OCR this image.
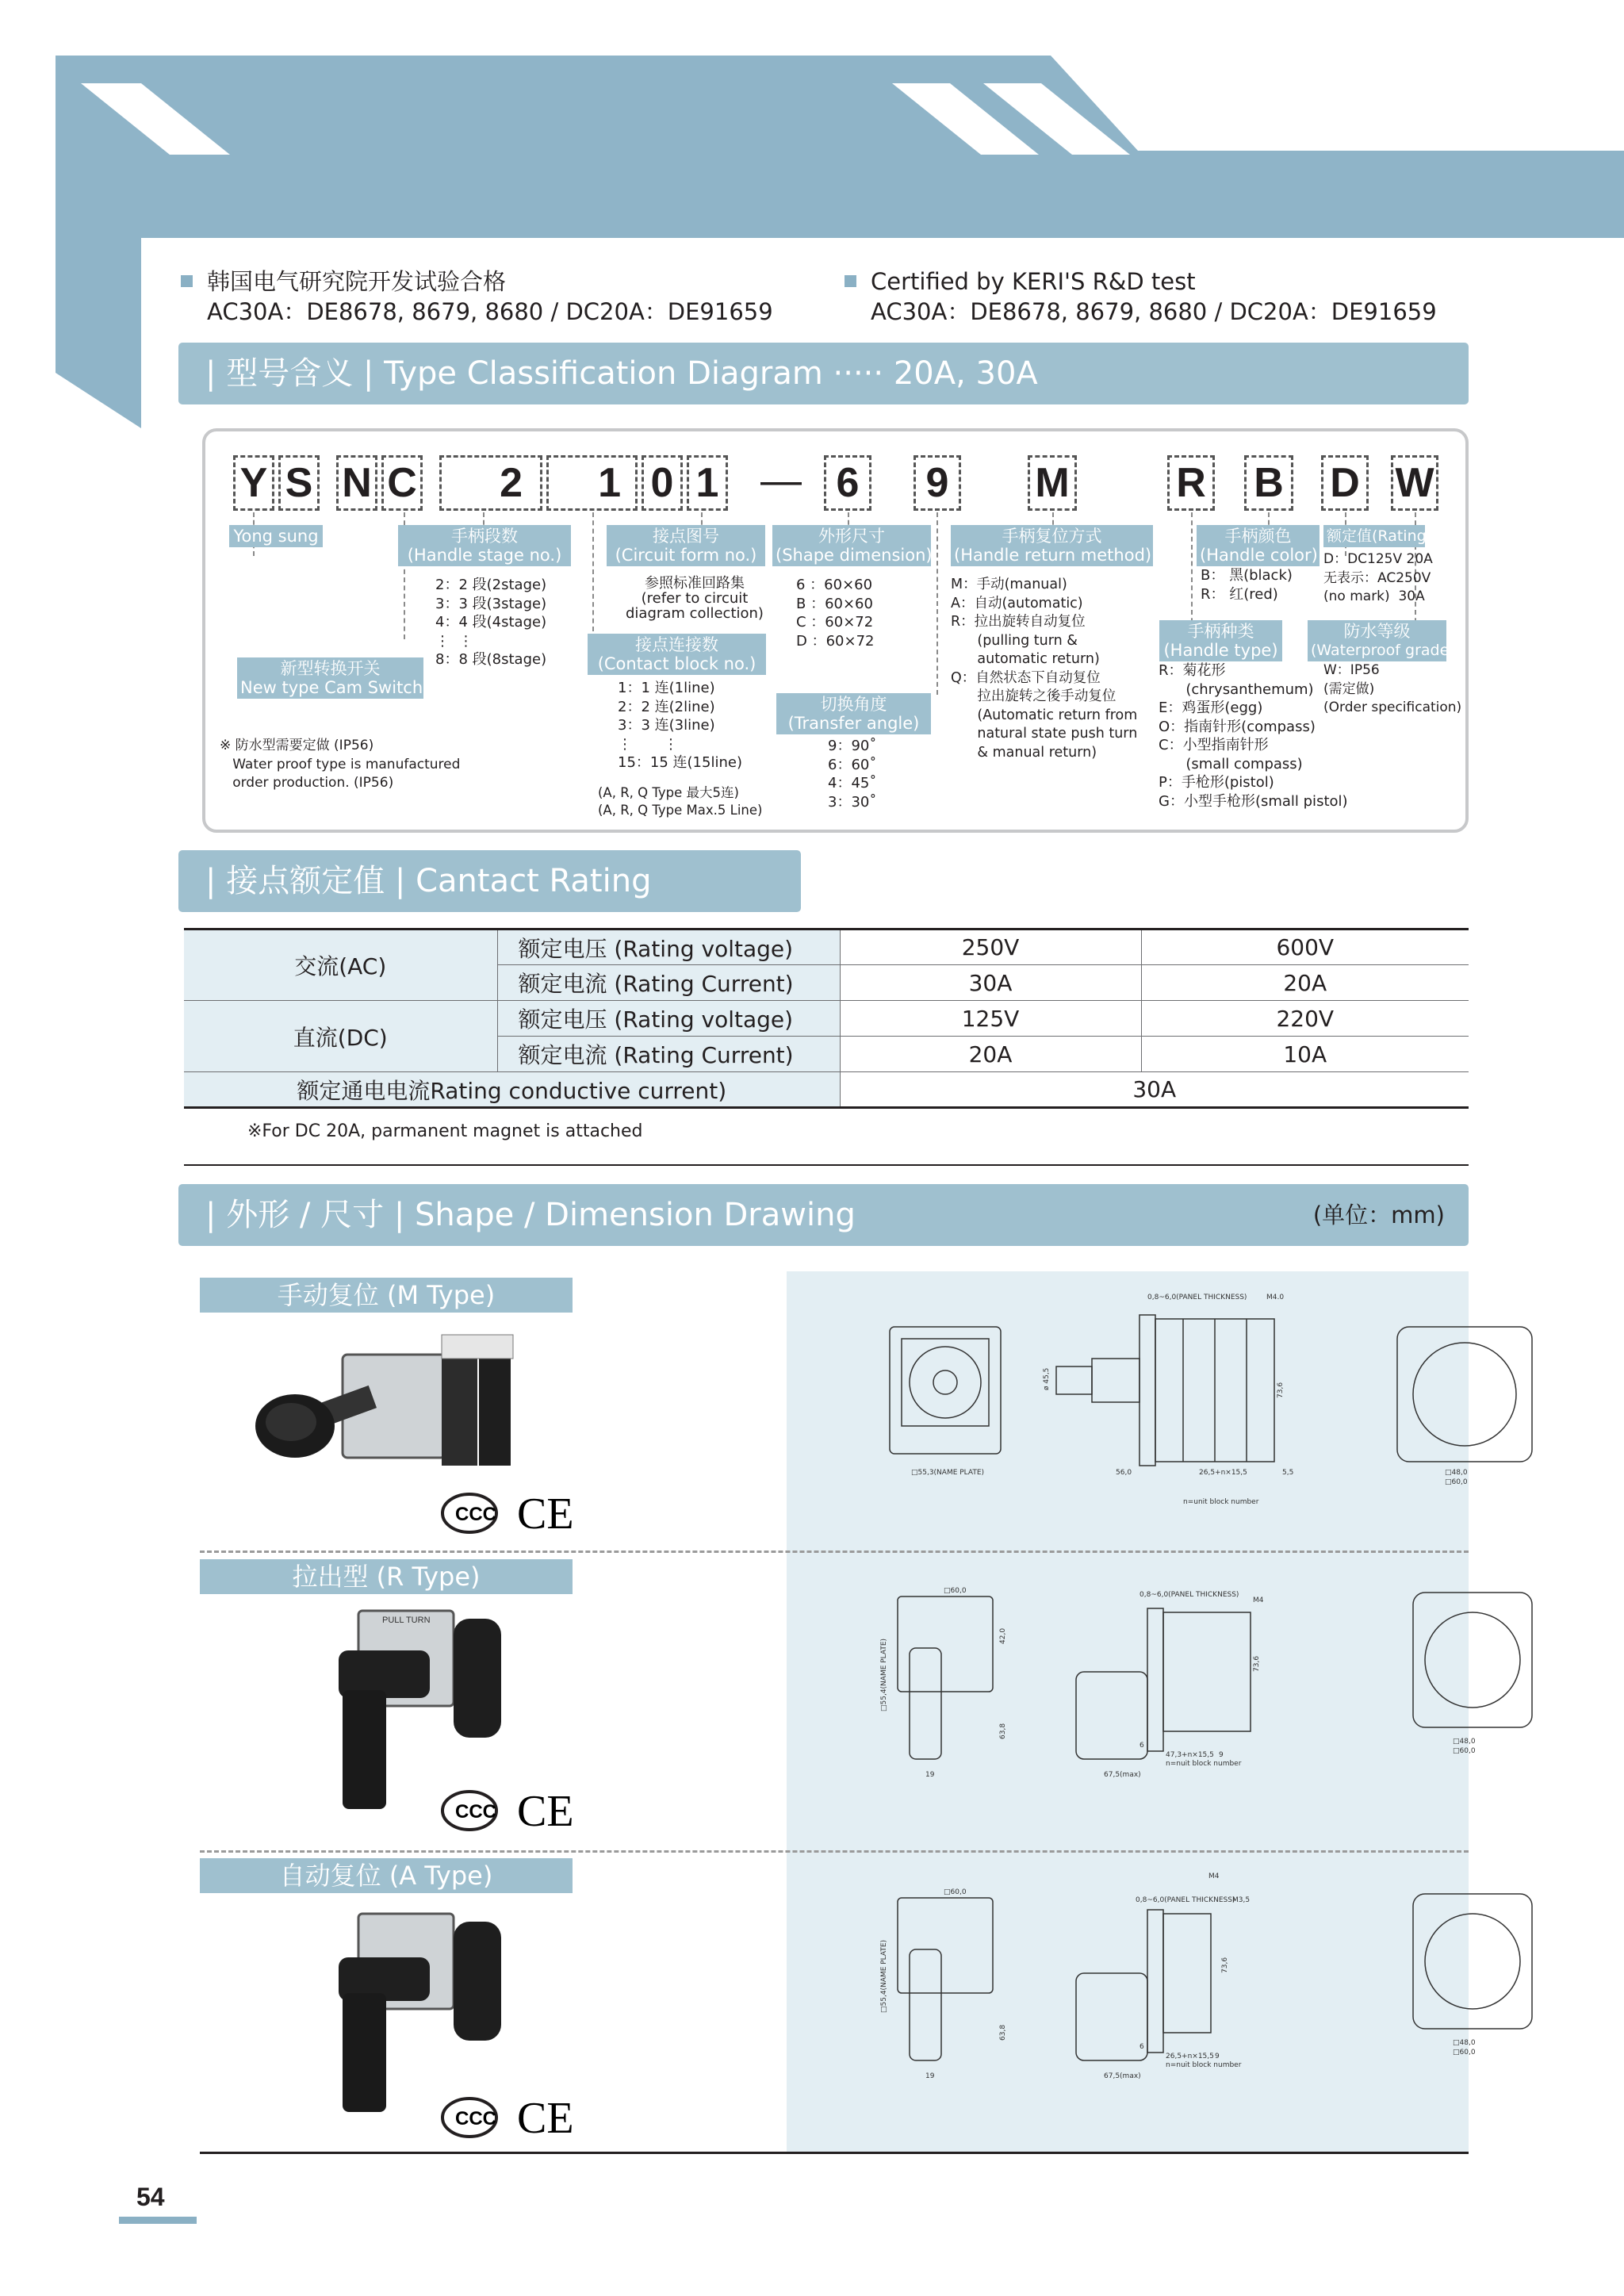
韩国电气研究院开发试验合格
AC30A：DE8678, 8679, 8680 / DC20A：DE91659
Certified by KERI'S R&D test
AC30A：DE8678, 8679, 8680 / DC20A：DE91659
| 型号含义 | Type Classification Diagram ····· 20A, 30A
Y S N C	2	1 0 1 — 6 9 M	R B D W
Yong sung	手柄段数
(Handle stage no.)
接点图号
(Circuit form no.)
外形尺寸
(Shape dimension)
手柄复位方式
(Handle return method)
手柄颜色
(Handle color)
额定值(Rating)
新型转换开关
New type Cam Switch
接点连接数
(Contact block no.)
切换角度
(Transfer angle)
手柄种类
(Handle type)
防水等级
(Waterproof grade)
2：2 段(2stage)
3：3 段(3stage)
4：4 段(4stage)
⋮  ⋮
8：8 段(8stage)
参照标准回路集
(refer to circuit
diagram collection)
6 ：60×60
B ：60×60
C ：60×72
D ：60×72
M：手动(manual)
A：自动(automatic)
R：拉出旋转自动复位
(pulling turn &
automatic return)
Q：自然状态下自动复位
拉出旋转之後手动复位
(Automatic return from
natural state push turn
& manual return)
B： 黑(black)
R： 红(red)
D：DC125V 20A
无表示：AC250V
(no mark)  30A
1：1 连(1line)
2：2 连(2line)
3：3 连(3line)
⋮       ⋮
15：15 连(15line)
(A, R, Q Type 最大5连)
(A, R, Q Type Max.5 Line)
9：90˚
6：60˚
4：45˚
3：30˚
R：菊花形
(chrysanthemum)
E：鸡蛋形(egg)
O：指南针形(compass)
C：小型指南针形
(small compass)
P：手枪形(pistol)
G：小型手枪形(small pistol)
W：IP56
(需定做)
(Order specification)
※ 防水型需要定做 (IP56)
Water proof type is manufactured
order production. (IP56)
| 接点额定值 | Cantact Rating
交流(AC)	额定电压 (Rating voltage)	250V	600V
	额定电流 (Rating Current)	30A	20A
直流(DC)	额定电压 (Rating voltage)	125V	220V
	额定电流 (Rating Current)	20A	10A
额定通电电流Rating conductive current)		30A	
※For DC 20A, parmanent magnet is attached
| 外形 / 尺寸 | Shape / Dimension Drawing	(单位：mm)
手动复位 (M Type)
拉出型 (R Type)
自动复位 (A Type)
PULL TURN
CCC CE
CCC CE
CCC CE
0,8~6,0(PANEL THICKNESS)	M4.0
□55,3(NAME PLATE)	56,0	26,5+n×15,5
n=unit block number
5,5	□48,0
□60,0
ø 45,5	73,6
□60,0	0,8~6,0(PANEL THICKNESS)
M4
□55,4(NAME PLATE)
42,0
63,8
19	67,5(max)
47,3+n×15,5 9
6
n=nuit block number
73,6
□48,0
□60,0
□60,0
0,8~6,0(PANEL THICKNESS)
M4
M3,5
□55,4(NAME PLATE)
63,8
19	67,5(max)
26,5+n×15,5 9
6
n=nuit block number
73,6
□48,0
□60,0
54
